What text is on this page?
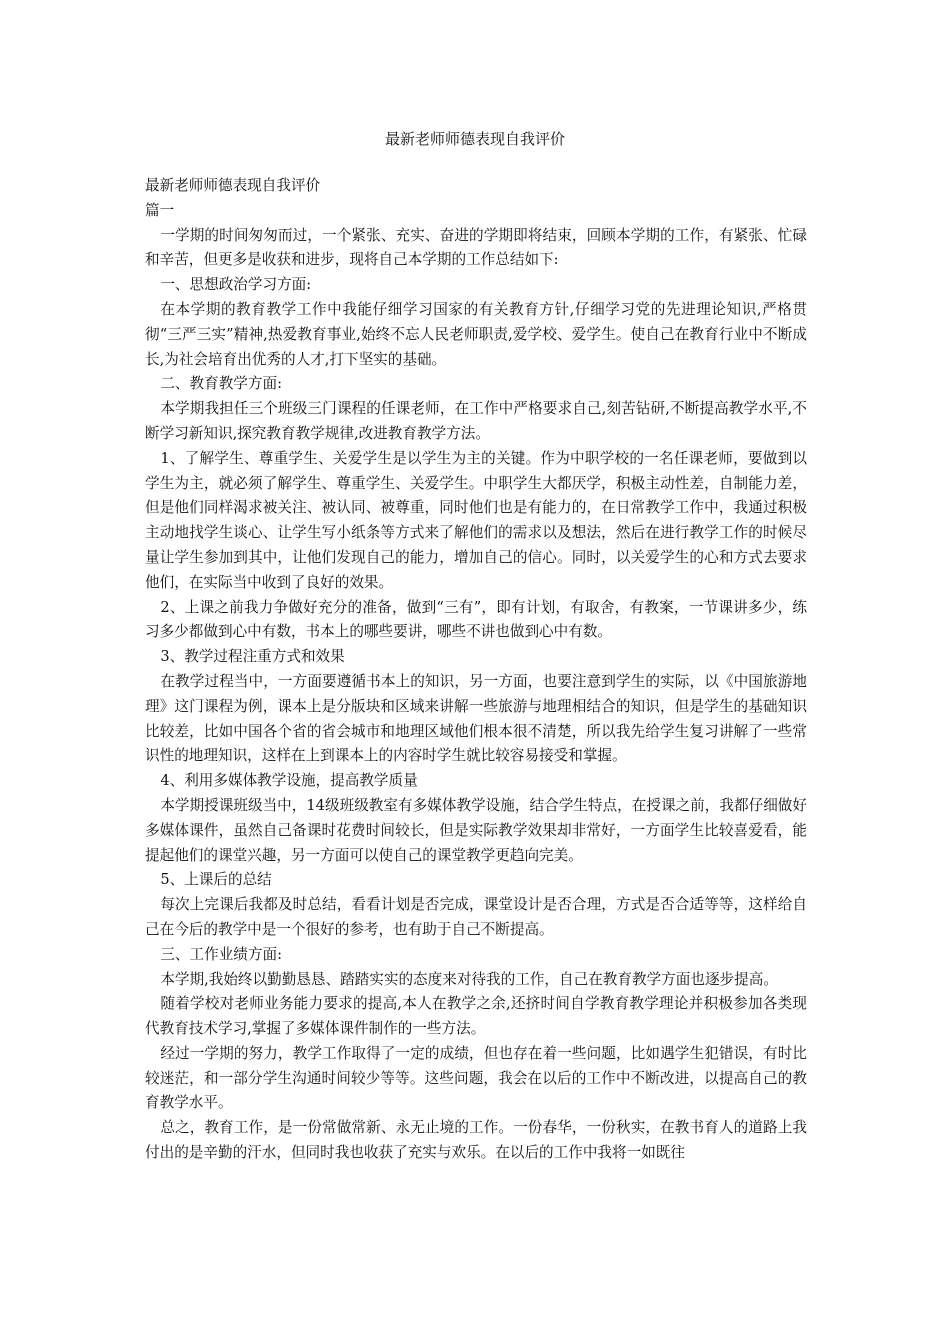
最新老师师德表现自我评价

最新老师师德表现自我评价

篇一

一学期的时间匆匆而过，一个紧张、充实、奋进的学期即将结束，回顾本学期的工作，有紧张、忙碌和辛苦，但更多是收获和进步，现将自己本学期的工作总结如下:

一、思想政治学习方面:

在本学期的教育教学工作中我能仔细学习国家的有关教育方针,仔细学习党的先进理论知识,严格贯彻“三严三实”精神,热爱教育事业,始终不忘人民老师职责,爱学校、爱学生。使自己在教育行业中不断成长,为社会培育出优秀的人才,打下坚实的基础。

二、教育教学方面:

本学期我担任三个班级三门课程的任课老师，在工作中严格要求自己,刻苦钻研,不断提高教学水平,不断学习新知识,探究教育教学规律,改进教育教学方法。

1、了解学生、尊重学生、关爱学生是以学生为主的关键。作为中职学校的一名任课老师，要做到以学生为主，就必须了解学生、尊重学生、关爱学生。中职学生大都厌学，积极主动性差，自制能力差，但是他们同样渴求被关注、被认同、被尊重，同时他们也是有能力的，在日常教学工作中，我通过积极主动地找学生谈心、让学生写小纸条等方式来了解他们的需求以及想法，然后在进行教学工作的时候尽量让学生参加到其中，让他们发现自己的能力，增加自己的信心。同时，以关爱学生的心和方式去要求他们，在实际当中收到了良好的效果。

2、上课之前我力争做好充分的准备，做到“三有”，即有计划，有取舍，有教案，一节课讲多少，练习多少都做到心中有数，书本上的哪些要讲，哪些不讲也做到心中有数。

3、教学过程注重方式和效果

在教学过程当中，一方面要遵循书本上的知识，另一方面，也要注意到学生的实际，以《中国旅游地理》这门课程为例，课本上是分版块和区域来讲解一些旅游与地理相结合的知识，但是学生的基础知识比较差，比如中国各个省的省会城市和地理区域他们根本很不清楚，所以我先给学生复习讲解了一些常识性的地理知识，这样在上到课本上的内容时学生就比较容易接受和掌握。

4、利用多媒体教学设施，提高教学质量

本学期授课班级当中，14级班级教室有多媒体教学设施，结合学生特点，在授课之前，我都仔细做好多媒体课件，虽然自己备课时花费时间较长，但是实际教学效果却非常好，一方面学生比较喜爱看，能提起他们的课堂兴趣，另一方面可以使自己的课堂教学更趋向完美。

5、上课后的总结

每次上完课后我都及时总结，看看计划是否完成，课堂设计是否合理，方式是否合适等等，这样给自己在今后的教学中是一个很好的参考，也有助于自己不断提高。

三、工作业绩方面:

本学期,我始终以勤勤恳恳、踏踏实实的态度来对待我的工作，自己在教育教学方面也逐步提高。

随着学校对老师业务能力要求的提高,本人在教学之余,还挤时间自学教育教学理论并积极参加各类现代教育技术学习,掌握了多媒体课件制作的一些方法。

经过一学期的努力，教学工作取得了一定的成绩，但也存在着一些问题，比如遇学生犯错误，有时比较迷茫，和一部分学生沟通时间较少等等。这些问题，我会在以后的工作中不断改进，以提高自己的教育教学水平。

总之，教育工作，是一份常做常新、永无止境的工作。一份春华，一份秋实，在教书育人的道路上我付出的是辛勤的汗水，但同时我也收获了充实与欢乐。在以后的工作中我将一如既往
